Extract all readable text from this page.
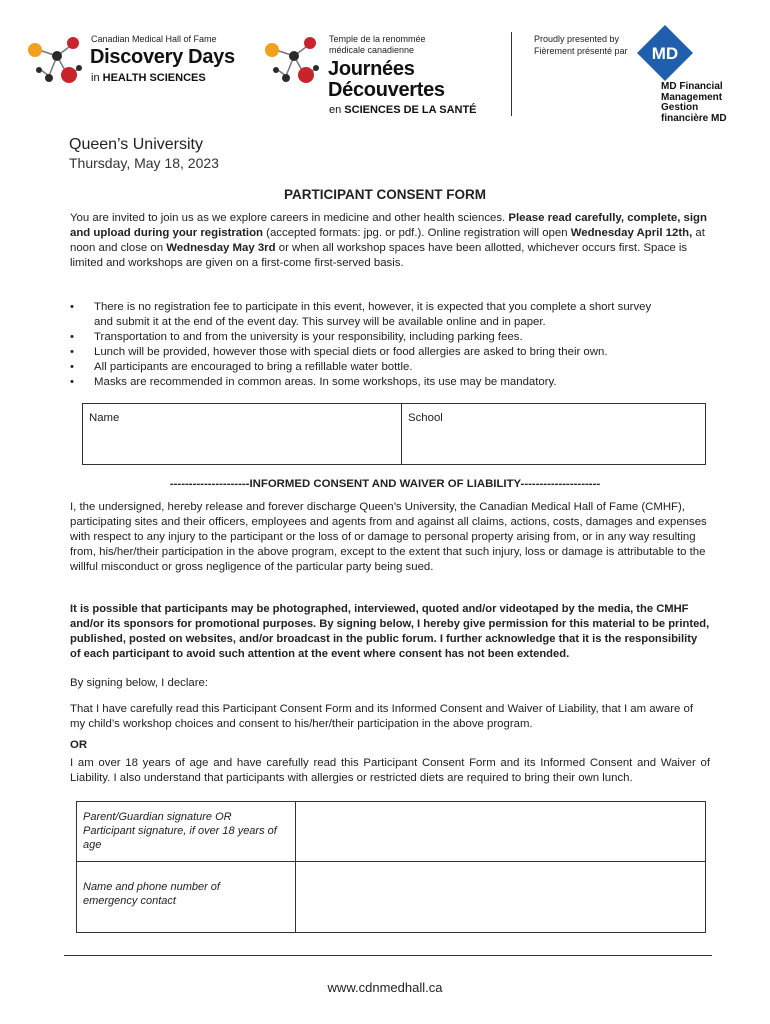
Canadian Medical Hall of Fame
Discovery Days
in HEALTH SCIENCES
Temple de la renommée
médicale canadienne
Journées
Découvertes
en SCIENCES DE LA SANTÉ
Proudly presented by
Fièrement présenté par MD
MD Financial
Management
Gestion
financière MD
Queen’s University
Thursday, May 18, 2023
PARTICIPANT CONSENT FORM
You are invited to join us as we explore careers in medicine and other health sciences. Please read carefully, complete, sign and upload during your registration (accepted formats: jpg. or pdf.). Online registration will open Wednesday April 12th, at noon and close on Wednesday May 3rd or when all workshop spaces have been allotted, whichever occurs first. Space is limited and workshops are given on a first-come first-served basis.
• There is no registration fee to participate in this event, however, it is expected that you complete a short survey and submit it at the end of the event day. This survey will be available online and in paper.
• Transportation to and from the university is your responsibility, including parking fees.
• Lunch will be provided, however those with special diets or food allergies are asked to bring their own.
• All participants are encouraged to bring a refillable water bottle.
• Masks are recommended in common areas. In some workshops, its use may be mandatory.
Name	School
---------------------INFORMED CONSENT AND WAIVER OF LIABILITY---------------------
I, the undersigned, hereby release and forever discharge Queen’s University, the Canadian Medical Hall of Fame (CMHF), participating sites and their officers, employees and agents from and against all claims, actions, costs, damages and expenses with respect to any injury to the participant or the loss of or damage to personal property arising from, or in any way resulting from, his/her/their participation in the above program, except to the extent that such injury, loss or damage is attributable to the willful misconduct or gross negligence of the particular party being sued.
It is possible that participants may be photographed, interviewed, quoted and/or videotaped by the media, the CMHF and/or its sponsors for promotional purposes. By signing below, I hereby give permission for this material to be printed, published, posted on websites, and/or broadcast in the public forum. I further acknowledge that it is the responsibility of each participant to avoid such attention at the event where consent has not been extended.
By signing below, I declare:
That I have carefully read this Participant Consent Form and its Informed Consent and Waiver of Liability, that I am aware of my child’s workshop choices and consent to his/her/their participation in the above program.
OR
I am over 18 years of age and have carefully read this Participant Consent Form and its Informed Consent and Waiver of Liability. I also understand that participants with allergies or restricted diets are required to bring their own lunch.
Parent/Guardian signature OR Participant signature, if over 18 years of age	

Name and phone number of emergency contact	

www.cdnmedhall.ca
